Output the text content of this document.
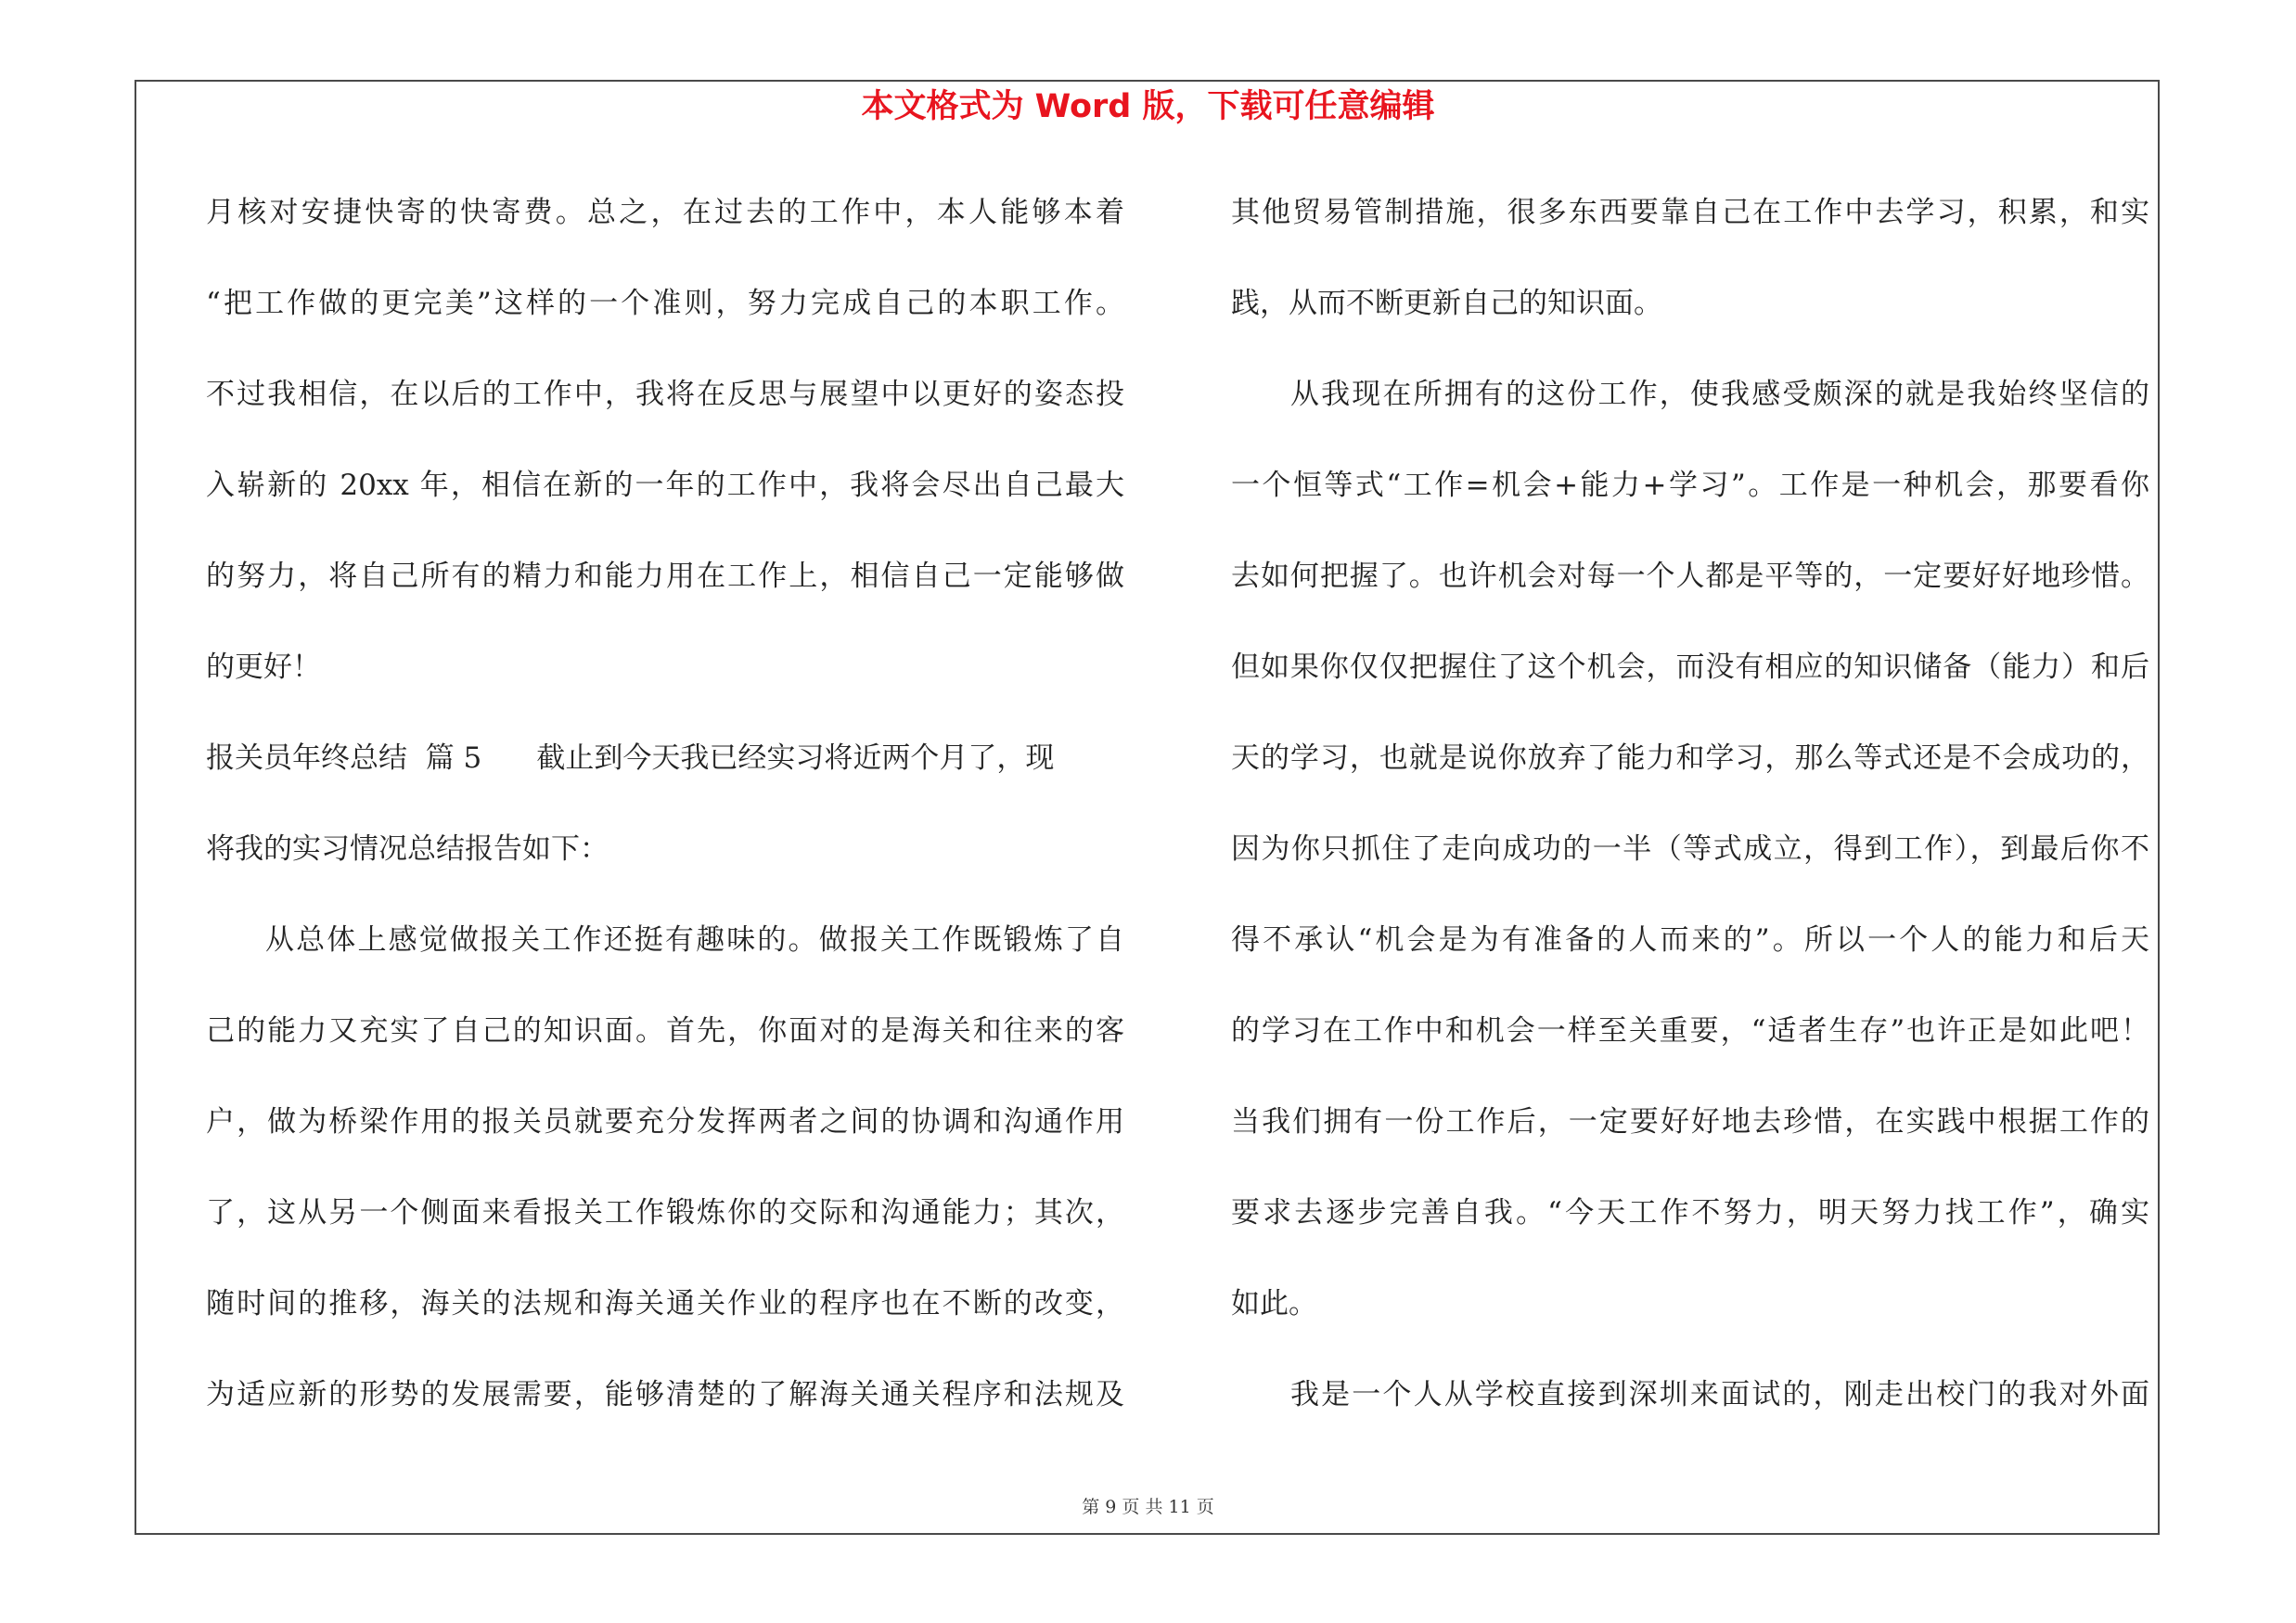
本文格式为 Word 版，下载可任意编辑
月核对安捷快寄的快寄费。总之，在过去的工作中，本人能够本着
“把工作做的更完美”这样的一个准则，努力完成自己的本职工作。
不过我相信，在以后的工作中，我将在反思与展望中以更好的姿态投
入崭新的 20xx 年，相信在新的一年的工作中，我将会尽出自己最大
的努力，将自己所有的精力和能力用在工作上，相信自己一定能够做
的更好！
报关员年终总结  篇 5      截止到今天我已经实习将近两个月了，现
将我的实习情况总结报告如下：
从总体上感觉做报关工作还挺有趣味的。做报关工作既锻炼了自
己的能力又充实了自己的知识面。首先，你面对的是海关和往来的客
户，做为桥梁作用的报关员就要充分发挥两者之间的协调和沟通作用
了，这从另一个侧面来看报关工作锻炼你的交际和沟通能力；其次，
随时间的推移，海关的法规和海关通关作业的程序也在不断的改变，
为适应新的形势的发展需要，能够清楚的了解海关通关程序和法规及
其他贸易管制措施，很多东西要靠自己在工作中去学习，积累，和实
践，从而不断更新自己的知识面。
从我现在所拥有的这份工作，使我感受颇深的就是我始终坚信的
一个恒等式“工作=机会+能力+学习”。工作是一种机会，那要看你
去如何把握了。也许机会对每一个人都是平等的，一定要好好地珍惜。
但如果你仅仅把握住了这个机会，而没有相应的知识储备（能力）和后
天的学习，也就是说你放弃了能力和学习，那么等式还是不会成功的，
因为你只抓住了走向成功的一半（等式成立，得到工作），到最后你不
得不承认“机会是为有准备的人而来的”。所以一个人的能力和后天
的学习在工作中和机会一样至关重要，“适者生存”也许正是如此吧！
当我们拥有一份工作后，一定要好好地去珍惜，在实践中根据工作的
要求去逐步完善自我。“今天工作不努力，明天努力找工作”，确实
如此。
我是一个人从学校直接到深圳来面试的，刚走出校门的我对外面
第 9 页 共 11 页
